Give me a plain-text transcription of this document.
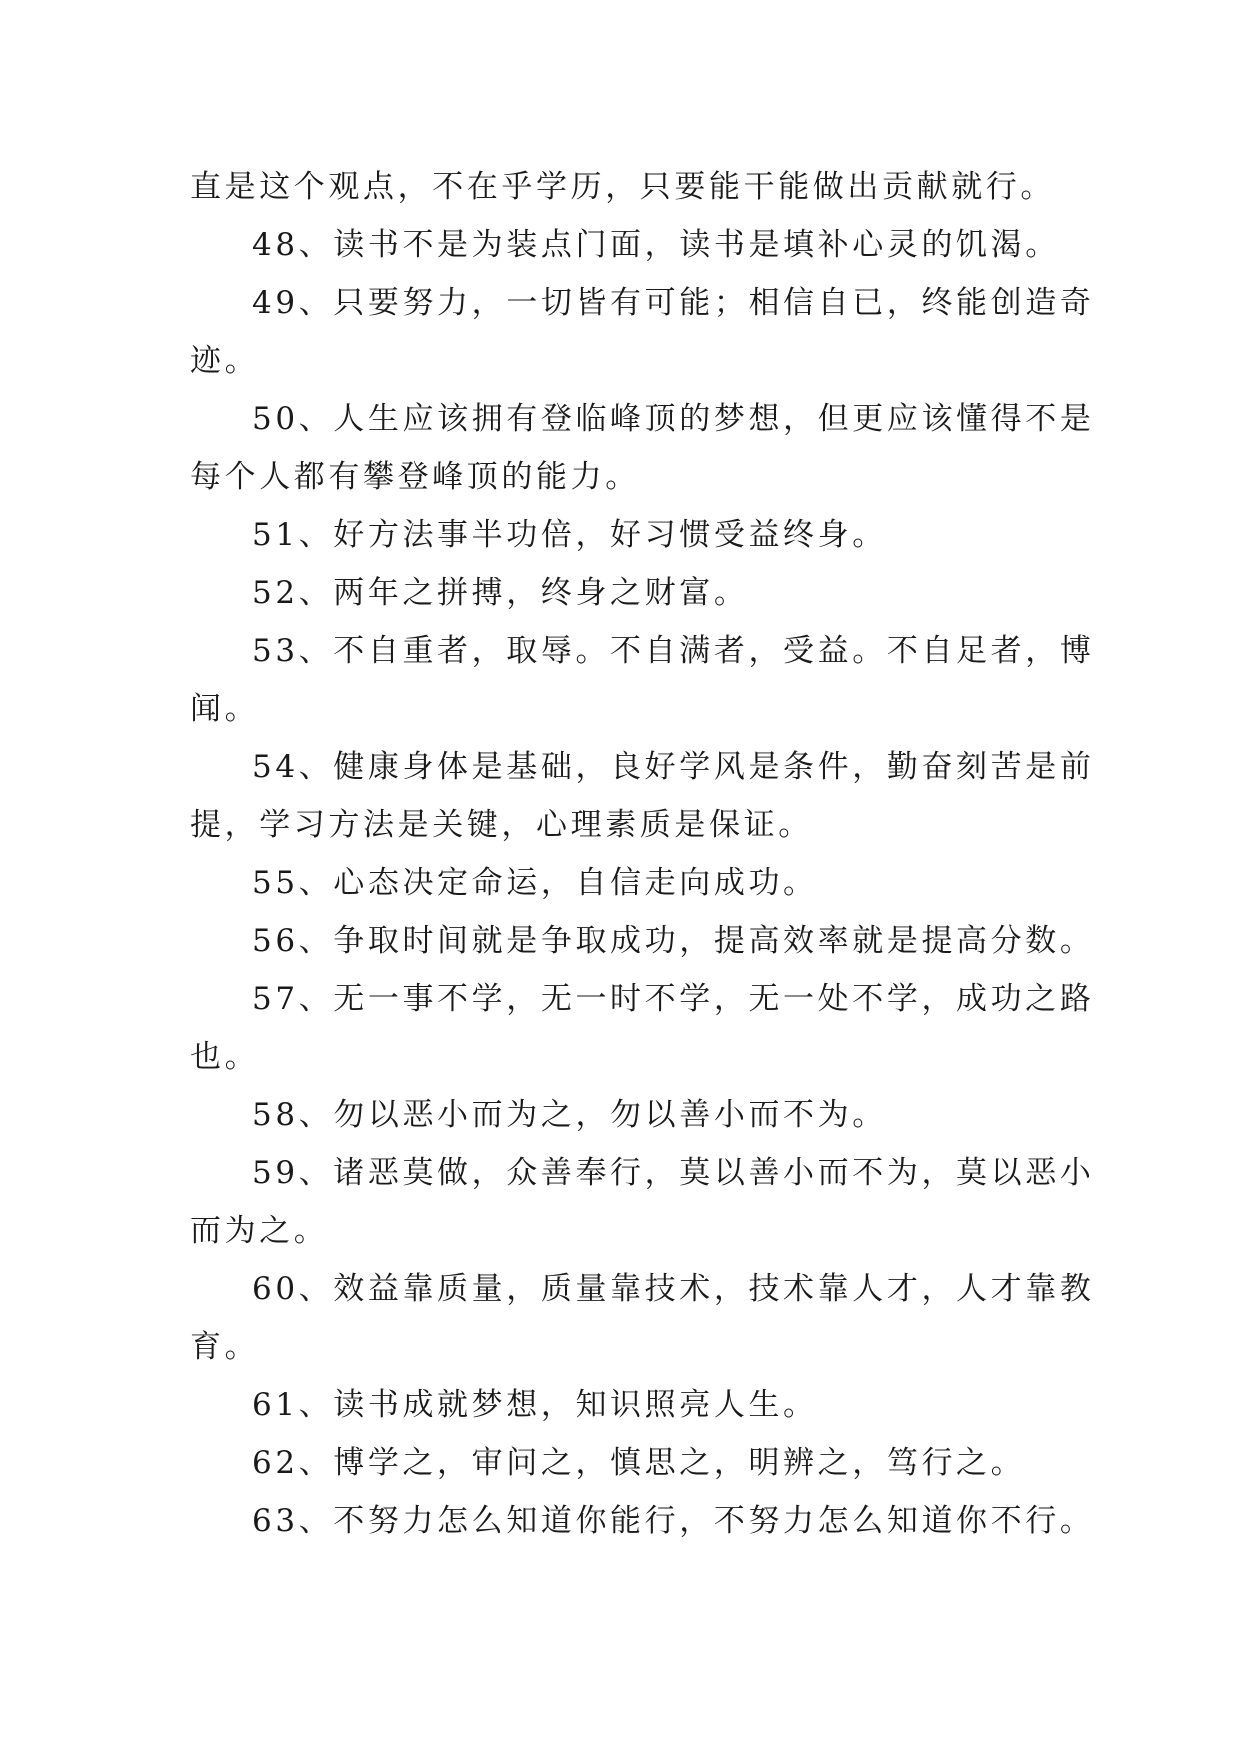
直是这个观点，不在乎学历，只要能干能做出贡献就行。
48、读书不是为装点门面，读书是填补心灵的饥渴。
49、只要努力，一切皆有可能；相信自已，终能创造奇
迹。
50、人生应该拥有登临峰顶的梦想，但更应该懂得不是
每个人都有攀登峰顶的能力。
51、好方法事半功倍，好习惯受益终身。
52、两年之拼搏，终身之财富。
53、不自重者，取辱。不自满者，受益。不自足者，博
闻。
54、健康身体是基础，良好学风是条件，勤奋刻苦是前
提，学习方法是关键，心理素质是保证。
55、心态决定命运，自信走向成功。
56、争取时间就是争取成功，提高效率就是提高分数。
57、无一事不学，无一时不学，无一处不学，成功之路
也。
58、勿以恶小而为之，勿以善小而不为。
59、诸恶莫做，众善奉行，莫以善小而不为，莫以恶小
而为之。
60、效益靠质量，质量靠技术，技术靠人才，人才靠教
育。
61、读书成就梦想，知识照亮人生。
62、博学之，审问之，慎思之，明辨之，笃行之。
63、不努力怎么知道你能行，不努力怎么知道你不行。
